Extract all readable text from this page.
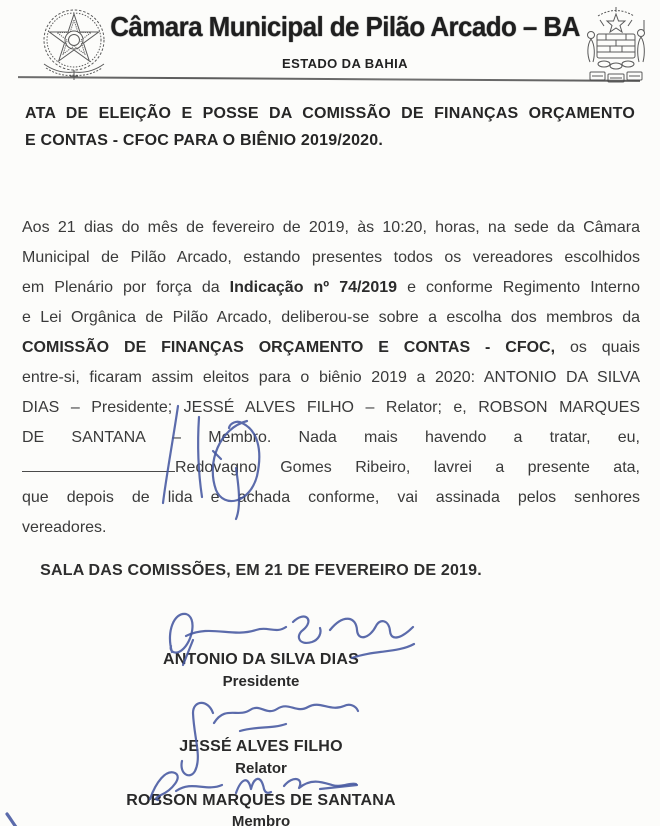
Câmara Municipal de Pilão Arcado – BA
ESTADO DA BAHIA
ATA DE ELEIÇÃO E POSSE DA COMISSÃO DE FINANÇAS ORÇAMENTO
E CONTAS - CFOC PARA O BIÊNIO 2019/2020.
Aos 21 dias do mês de fevereiro de 2019, às 10:20, horas, na sede da Câmara
Municipal de Pilão Arcado, estando presentes todos os vereadores escolhidos
em Plenário por força da Indicação nº 74/2019 e conforme Regimento Interno
e Lei Orgânica de Pilão Arcado, deliberou-se sobre a escolha dos membros da
COMISSÃO DE FINANÇAS ORÇAMENTO E CONTAS - CFOC, os quais
entre-si, ficaram assim eleitos para o biênio 2019 a 2020: ANTONIO DA SILVA
DIAS – Presidente; JESSÉ ALVES FILHO – Relator; e, ROBSON MARQUES
DE SANTANA – Membro. Nada mais havendo a tratar, eu,
Redovagno Gomes Ribeiro, lavrei a presente ata,
que depois de lida e achada conforme, vai assinada pelos senhores
vereadores.
SALA DAS COMISSÕES, EM 21 DE FEVEREIRO DE 2019.
ANTONIO DA SILVA DIAS
Presidente
JESSÉ ALVES FILHO
Relator
ROBSON MARQUES DE SANTANA
Membro
